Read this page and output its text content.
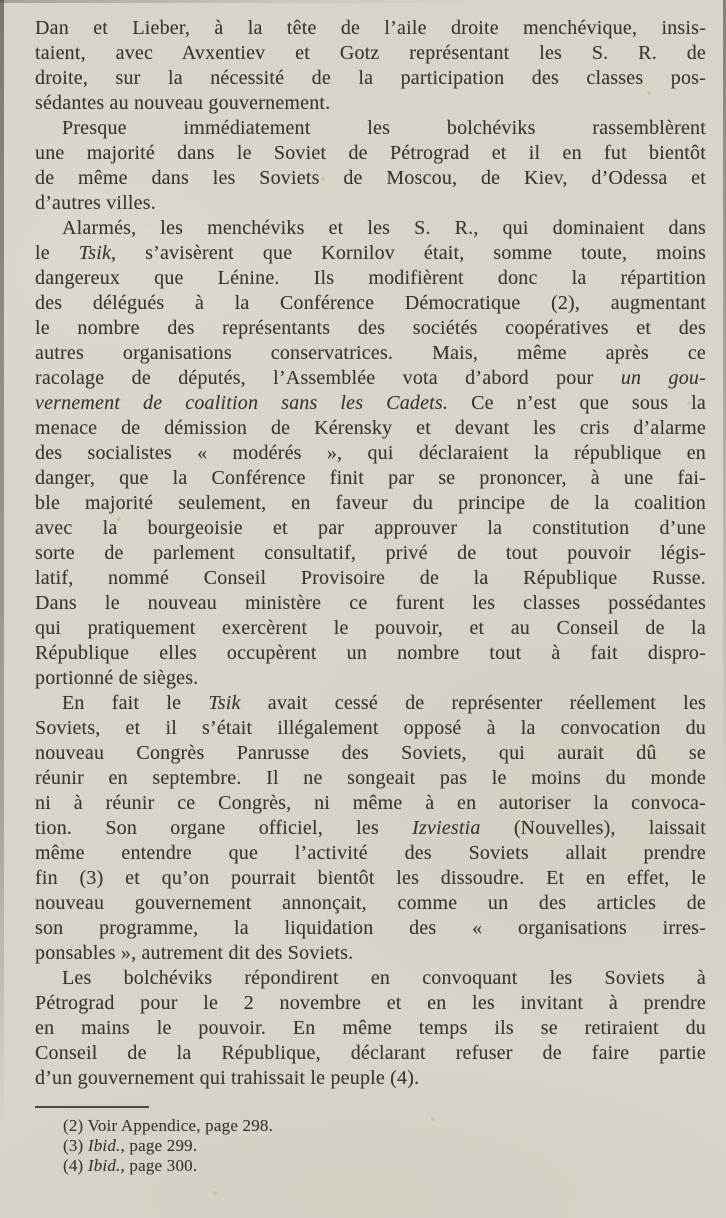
Dan et Lieber, à la tête de l’aile droite menchévique, insis-
taient, avec Avxentiev et Gotz représentant les S. R. de
droite, sur la nécessité de la participation des classes pos-
sédantes au nouveau gouvernement.
Presque immédiatement les bolchéviks rassemblèrent
une majorité dans le Soviet de Pétrograd et il en fut bientôt
de même dans les Soviets de Moscou, de Kiev, d’Odessa et
d’autres villes.
Alarmés, les menchéviks et les S. R., qui dominaient dans
le Tsik, s’avisèrent que Kornilov était, somme toute, moins
dangereux que Lénine. Ils modifièrent donc la répartition
des délégués à la Conférence Démocratique (2), augmentant
le nombre des représentants des sociétés coopératives et des
autres organisations conservatrices. Mais, même après ce
racolage de députés, l’Assemblée vota d’abord pour un gou-
vernement de coalition sans les Cadets. Ce n’est que sous la
menace de démission de Kérensky et devant les cris d’alarme
des socialistes « modérés », qui déclaraient la république en
danger, que la Conférence finit par se prononcer, à une fai-
ble majorité seulement, en faveur du principe de la coalition
avec la bourgeoisie et par approuver la constitution d’une
sorte de parlement consultatif, privé de tout pouvoir légis-
latif, nommé Conseil Provisoire de la République Russe.
Dans le nouveau ministère ce furent les classes possédantes
qui pratiquement exercèrent le pouvoir, et au Conseil de la
République elles occupèrent un nombre tout à fait dispro-
portionné de sièges.
En fait le Tsik avait cessé de représenter réellement les
Soviets, et il s’était illégalement opposé à la convocation du
nouveau Congrès Panrusse des Soviets, qui aurait dû se
réunir en septembre. Il ne songeait pas le moins du monde
ni à réunir ce Congrès, ni même à en autoriser la convoca-
tion. Son organe officiel, les Izviestia (Nouvelles), laissait
même entendre que l’activité des Soviets allait prendre
fin (3) et qu’on pourrait bientôt les dissoudre. Et en effet, le
nouveau gouvernement annonçait, comme un des articles de
son programme, la liquidation des « organisations irres-
ponsables », autrement dit des Soviets.
Les bolchéviks répondirent en convoquant les Soviets à
Pétrograd pour le 2 novembre et en les invitant à prendre
en mains le pouvoir. En même temps ils se retiraient du
Conseil de la République, déclarant refuser de faire partie
d’un gouvernement qui trahissait le peuple (4).
(2) Voir Appendice, page 298.
(3) Ibid., page 299.
(4) Ibid., page 300.
